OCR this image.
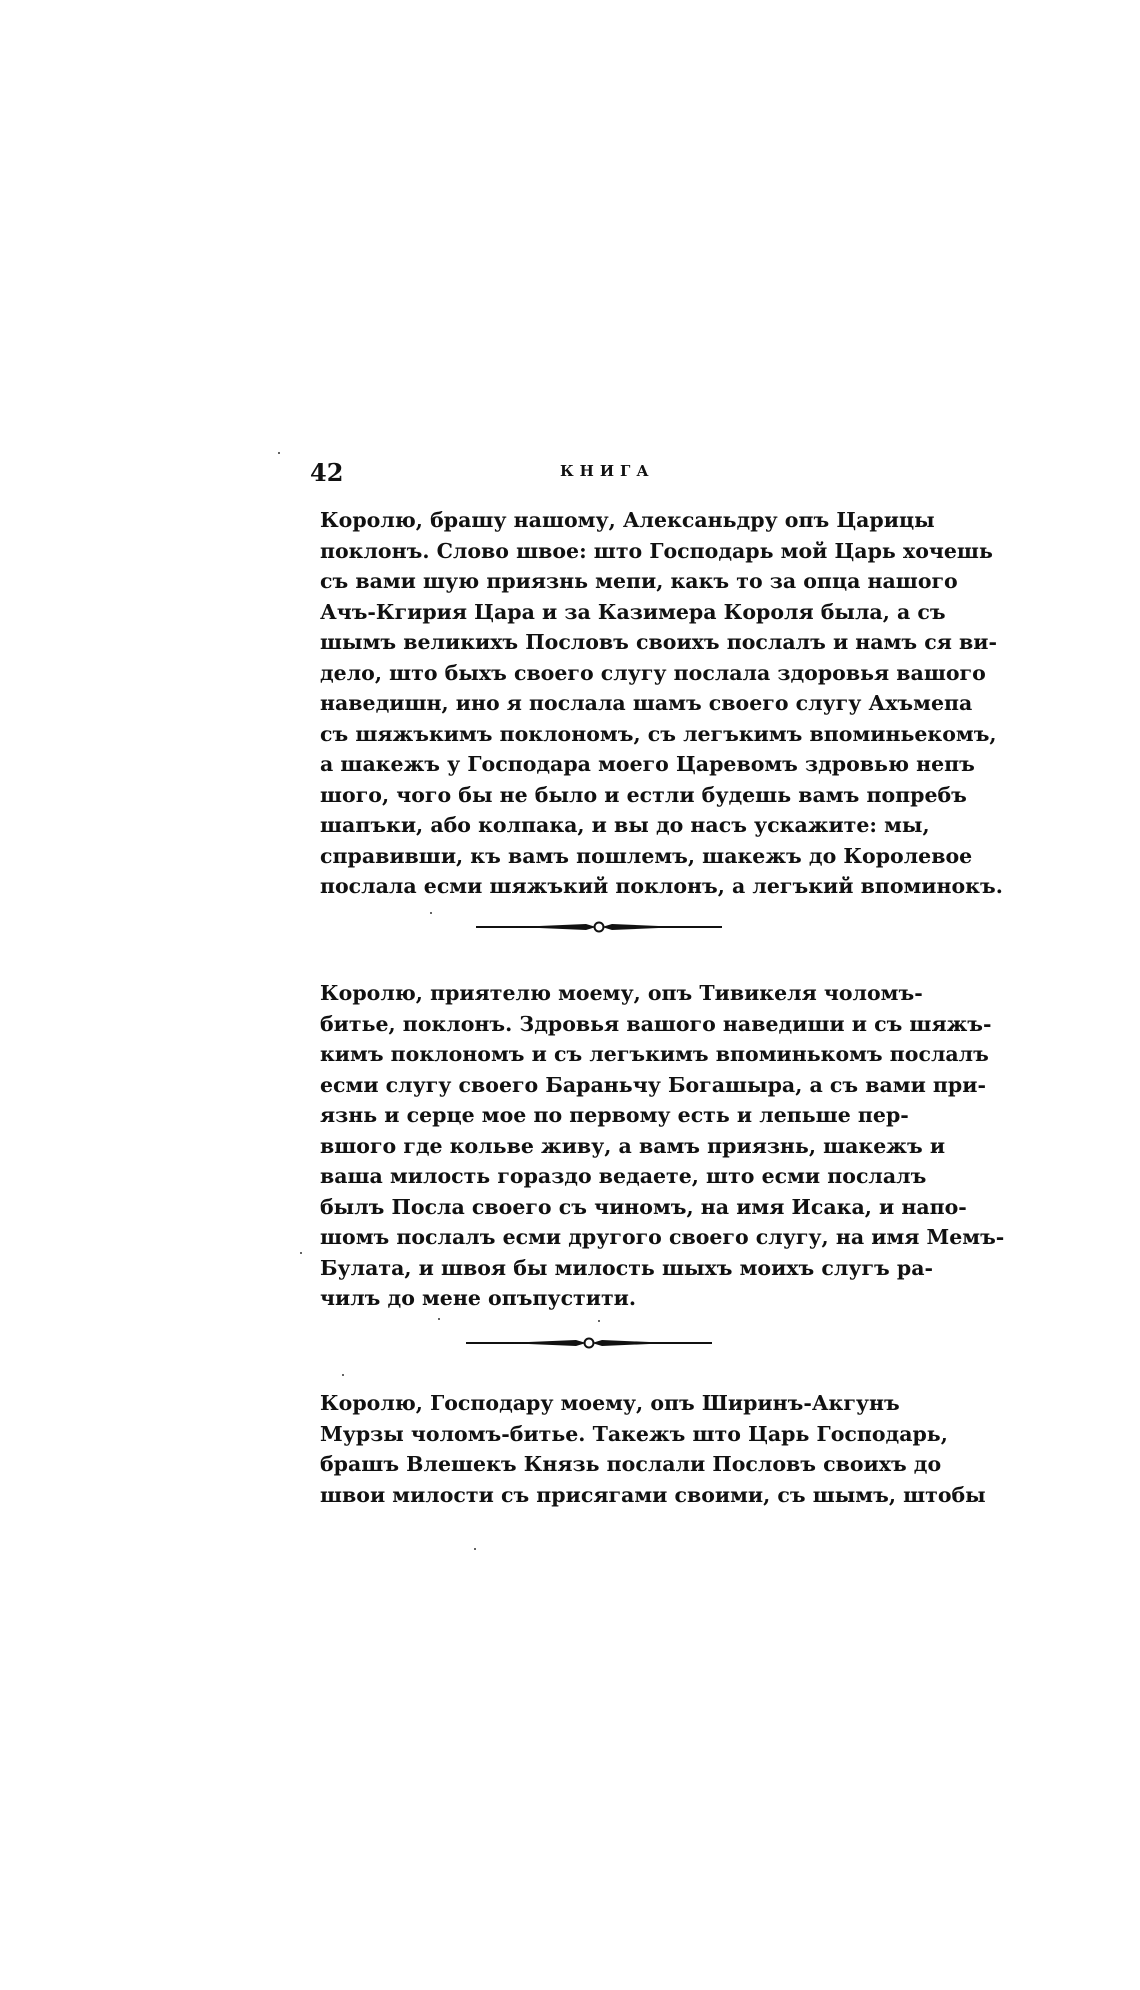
42	КНИГА
Королю, брашу нашому, Алексаньдру опъ Царицы
поклонъ. Слово швое: што Господарь мой Царь хочешь
съ вами шую приязнь мепи, какъ то за опца нашого
Ачъ-Кгирия Цара и за Казимера Короля была, а съ
шымъ великихъ Пословъ своихъ послалъ и намъ ся ви-
дело, што быхъ своего слугу послала здоровья вашого
наведишн, ино я послала шамъ своего слугу Ахъмепа
съ шяжъкимъ поклономъ, съ легъкимъ впоминьекомъ,
а шакежъ у Господара моего Царевомъ здровью непъ
шого, чого бы не было и естли будешь вамъ попребъ
шапъки, або колпака, и вы до насъ ускажите: мы,
справивши, къ вамъ пошлемъ, шакежъ до Королевое
послала есми шяжъкий поклонъ, а легъкий впоминокъ.
Королю, приятелю моему, опъ Тивикеля чоломъ-
битье, поклонъ. Здровья вашого наведиши и съ шяжъ-
кимъ поклономъ и съ легъкимъ впоминькомъ послалъ
есми слугу своего Бараньчу Богашыра, а съ вами при-
язнь и серце мое по первому есть и лепьше пер-
вшого где кольве живу, а вамъ приязнь, шакежъ и
ваша милость гораздо ведаете, што есми послалъ
былъ Посла своего съ чиномъ, на имя Исака, и напо-
шомъ послалъ есми другого своего слугу, на имя Мемъ-
Булата, и швоя бы милость шыхъ моихъ слугъ ра-
чилъ до мене опъпустити.
Королю, Господару моему, опъ Ширинъ-Акгунъ
Мурзы чоломъ-битье. Такежъ што Царь Господарь,
брашъ Влешекъ Князь послали Пословъ своихъ до
швои милости съ присягами своими, съ шымъ, штобы
